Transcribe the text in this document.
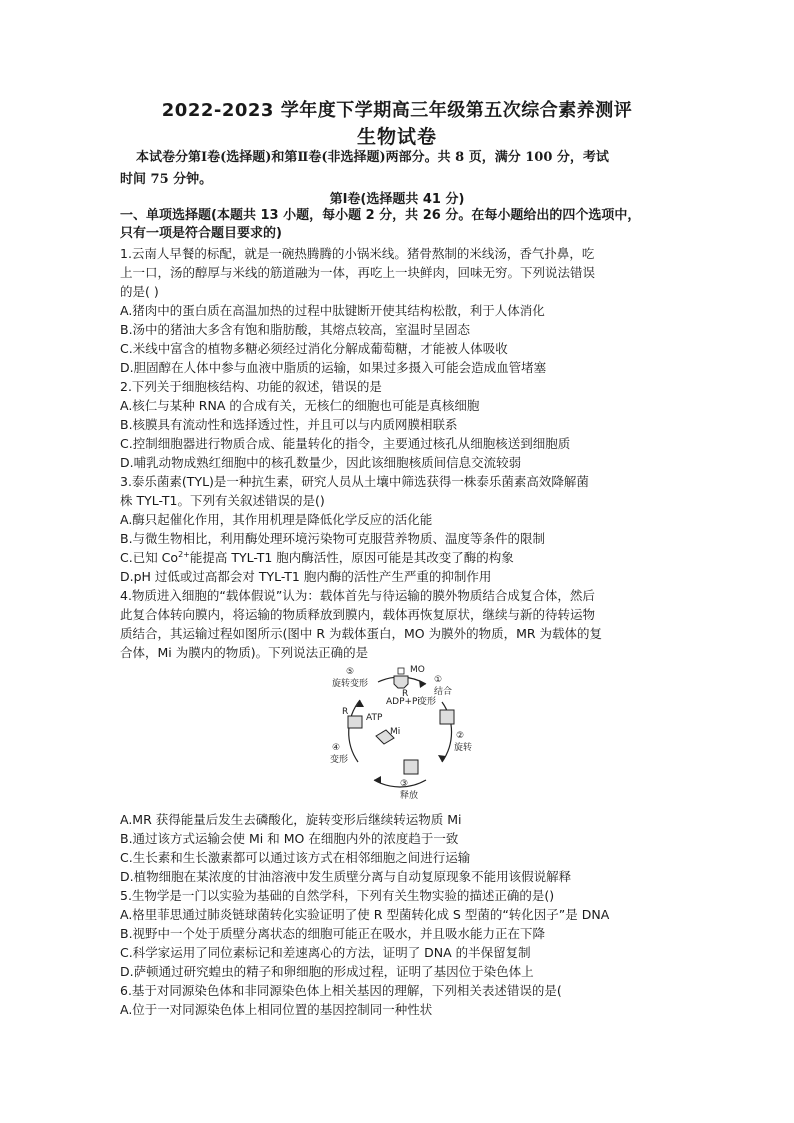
2022-2023 学年度下学期高三年级第五次综合素养测评
生物试卷
本试卷分第Ⅰ卷(选择题)和第Ⅱ卷(非选择题)两部分。共 8 页，满分 100 分，考试
时间 75 分钟。
第Ⅰ卷(选择题共 41 分)
一、单项选择题(本题共 13 小题，每小题 2 分，共 26 分。在每小题给出的四个选项中，
只有一项是符合题目要求的)
1.云南人早餐的标配，就是一碗热腾腾的小锅米线。猪骨熬制的米线汤，香气扑鼻，吃
上一口，汤的醇厚与米线的筋道融为一体，再吃上一块鲜肉，回味无穷。下列说法错误
的是( )
A.猪肉中的蛋白质在高温加热的过程中肽键断开使其结构松散，利于人体消化
B.汤中的猪油大多含有饱和脂肪酸，其熔点较高，室温时呈固态
C.米线中富含的植物多糖必须经过消化分解成葡萄糖，才能被人体吸收
D.胆固醇在人体中参与血液中脂质的运输，如果过多摄入可能会造成血管堵塞
2.下列关于细胞核结构、功能的叙述，错误的是
A.核仁与某种 RNA 的合成有关，无核仁的细胞也可能是真核细胞
B.核膜具有流动性和选择透过性，并且可以与内质网膜相联系
C.控制细胞器进行物质合成、能量转化的指令，主要通过核孔从细胞核送到细胞质
D.哺乳动物成熟红细胞中的核孔数量少，因此该细胞核质间信息交流较弱
3.泰乐菌素(TYL)是一种抗生素，研究人员从土壤中筛选获得一株泰乐菌素高效降解菌
株 TYL-T1。下列有关叙述错误的是()
A.酶只起催化作用，其作用机理是降低化学反应的活化能
B.与微生物相比，利用酶处理环境污染物可克服营养物质、温度等条件的限制
C.已知 $Co^{2+}$能提高 TYL-T1 胞内酶活性，原因可能是其改变了酶的构象
D.pH 过低或过高都会对 TYL-T1 胞内酶的活性产生严重的抑制作用
4.物质进入细胞的“载体假说”认为：载体首先与待运输的膜外物质结合成复合体，然后
此复合体转向膜内，将运输的物质释放到膜内，载体再恢复原状，继续与新的待转运物
质结合，其运输过程如图所示(图中 R 为载体蛋白，MO 为膜外的物质，MR 为载体的复
合体，Mi 为膜内的物质)。下列说法正确的是
MO
R
①
结合
ADP+Pi
变形
②
旋转
③
释放
Mi
④
变形
R
ATP
⑤
旋转变形
A.MR 获得能量后发生去磷酸化，旋转变形后继续转运物质 Mi
B.通过该方式运输会使 Mi 和 MO 在细胞内外的浓度趋于一致
C.生长素和生长激素都可以通过该方式在相邻细胞之间进行运输
D.植物细胞在某浓度的甘油溶液中发生质壁分离与自动复原现象不能用该假说解释
5.生物学是一门以实验为基础的自然学科，下列有关生物实验的描述正确的是()
A.格里菲思通过肺炎链球菌转化实验证明了使 R 型菌转化成 S 型菌的“转化因子”是 DNA
B.视野中一个处于质壁分离状态的细胞可能正在吸水，并且吸水能力正在下降
C.科学家运用了同位素标记和差速离心的方法，证明了 DNA 的半保留复制
D.萨顿通过研究蝗虫的精子和卵细胞的形成过程，证明了基因位于染色体上
6.基于对同源染色体和非同源染色体上相关基因的理解，下列相关表述错误的是(
A.位于一对同源染色体上相同位置的基因控制同一种性状
